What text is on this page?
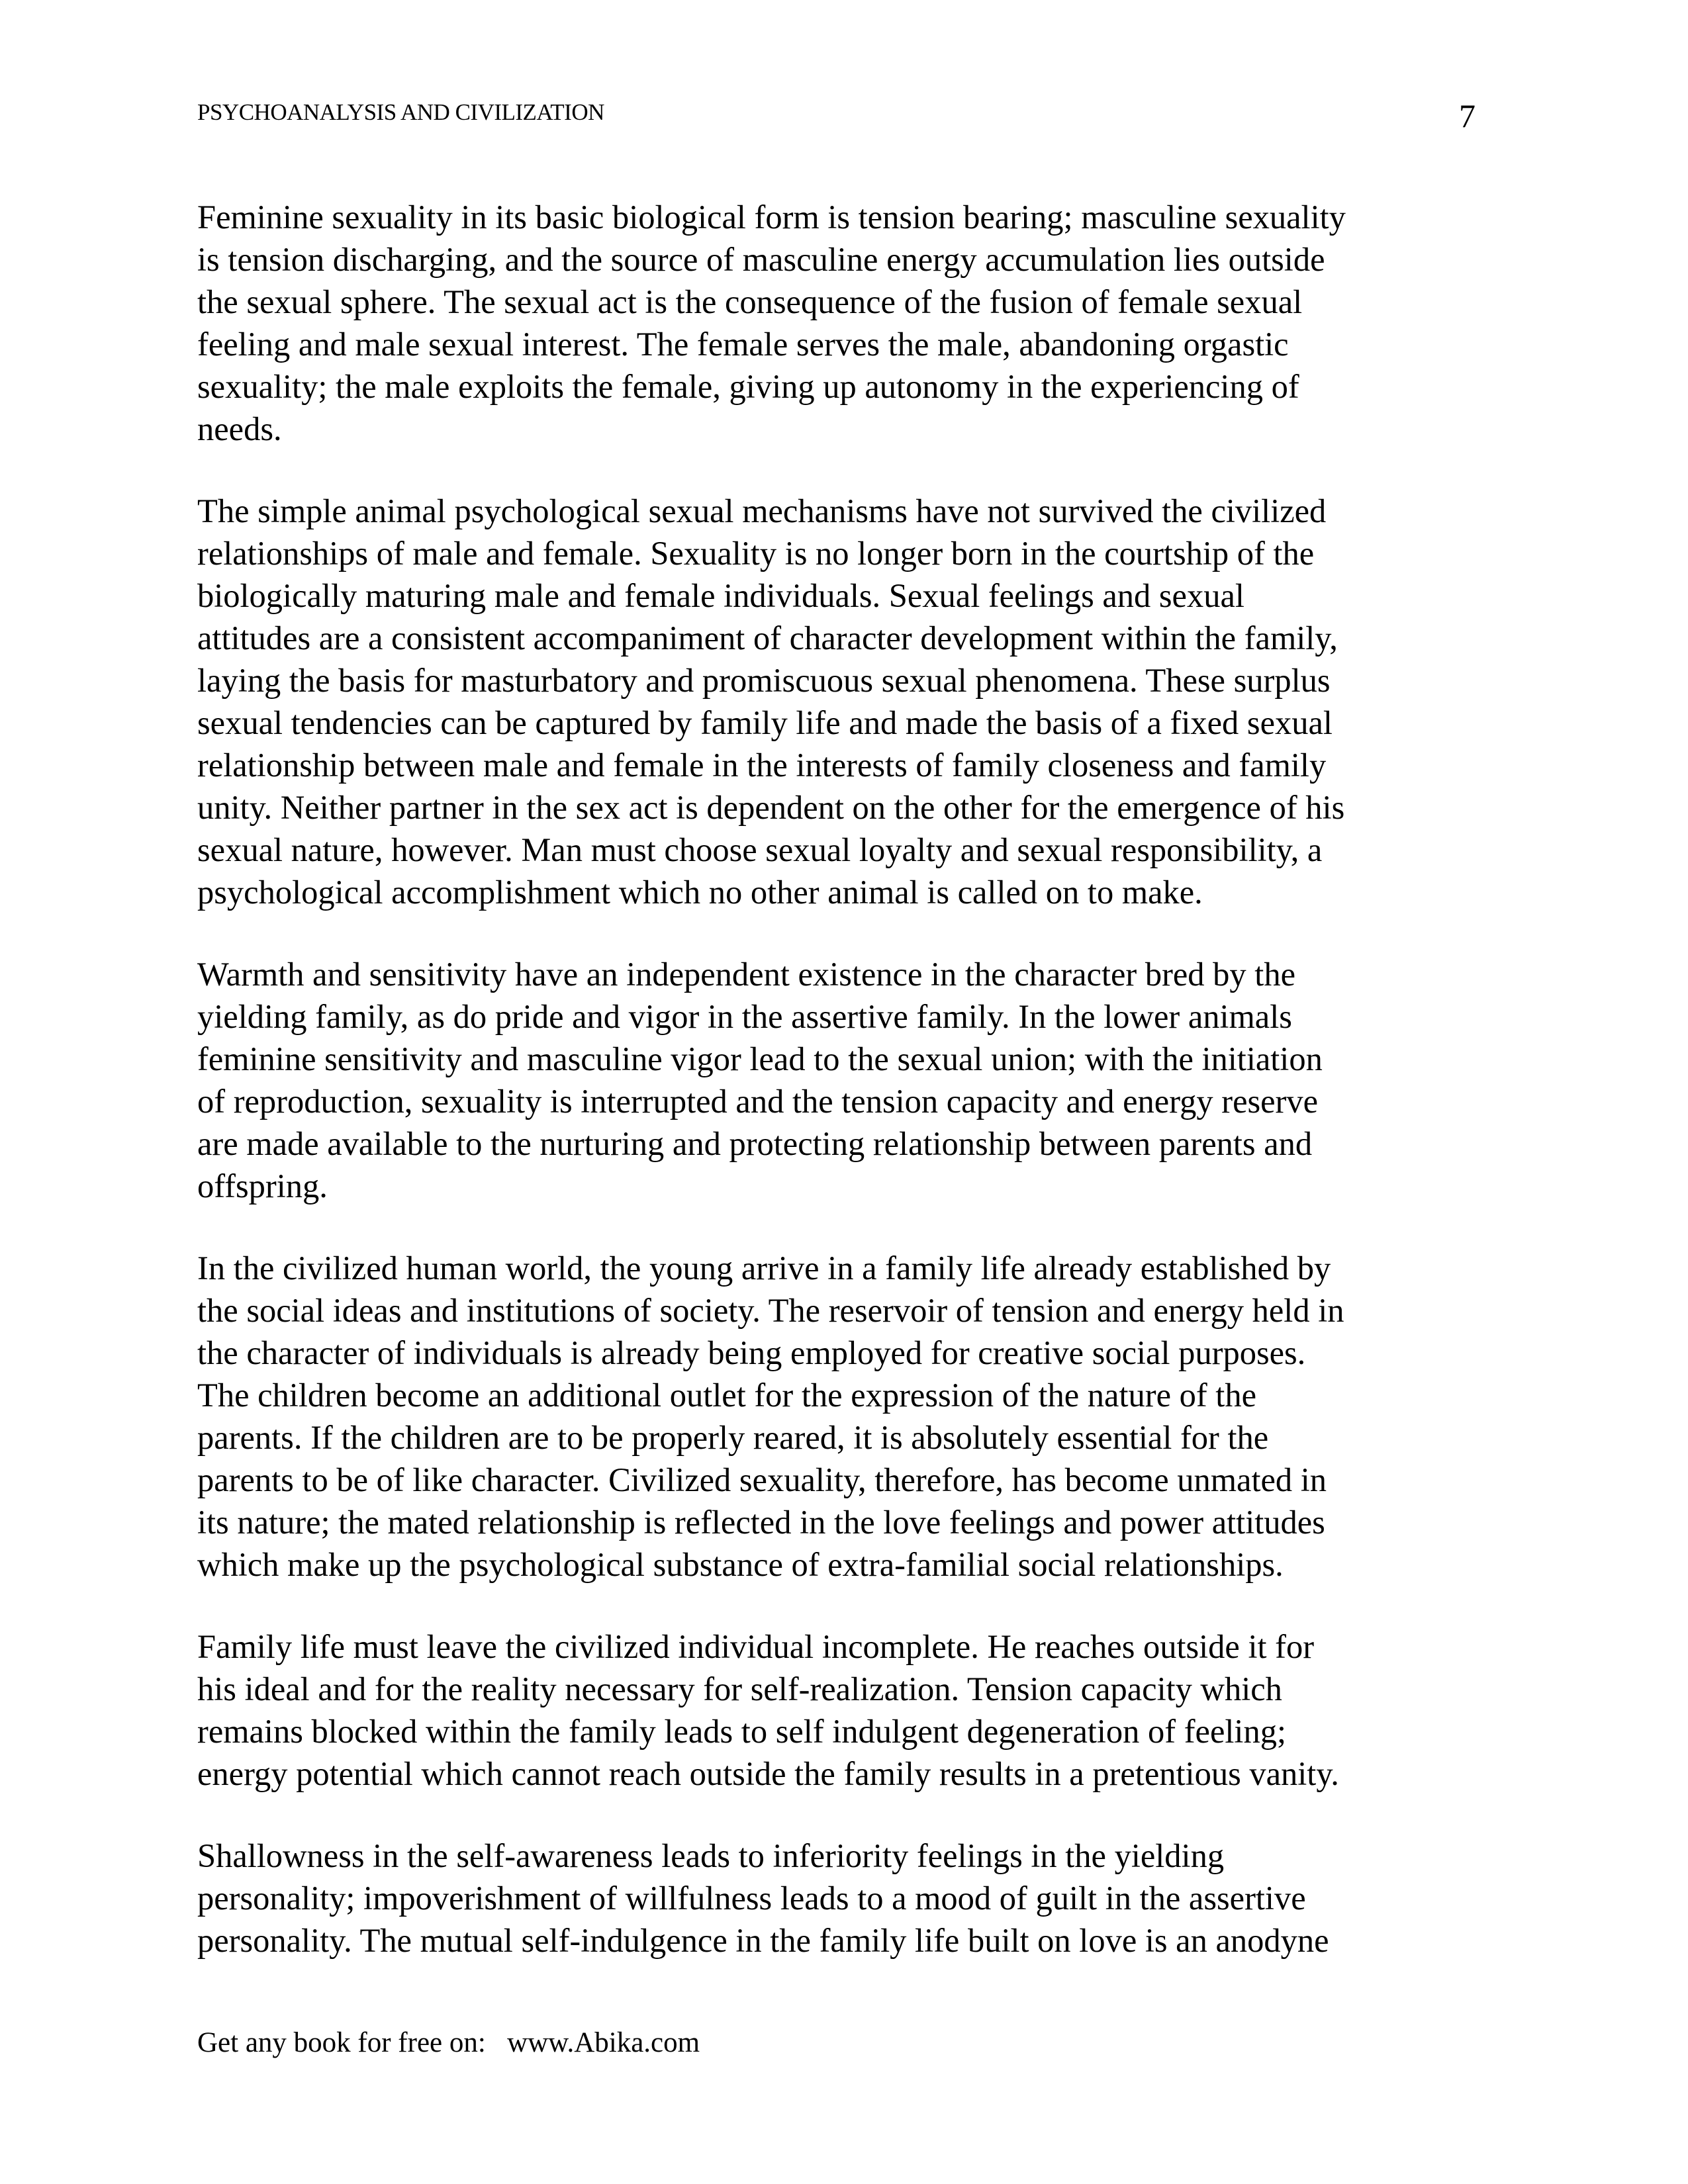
PSYCHOANALYSIS AND CIVILIZATION	7

Feminine sexuality in its basic biological form is tension bearing; masculine sexuality
is tension discharging, and the source of masculine energy accumulation lies outside
the sexual sphere. The sexual act is the consequence of the fusion of female sexual
feeling and male sexual interest. The female serves the male, abandoning orgastic
sexuality; the male exploits the female, giving up autonomy in the experiencing of
needs.

The simple animal psychological sexual mechanisms have not survived the civilized
relationships of male and female. Sexuality is no longer born in the courtship of the
biologically maturing male and female individuals. Sexual feelings and sexual
attitudes are a consistent accompaniment of character development within the family,
laying the basis for masturbatory and promiscuous sexual phenomena. These surplus
sexual tendencies can be captured by family life and made the basis of a fixed sexual
relationship between male and female in the interests of family closeness and family
unity. Neither partner in the sex act is dependent on the other for the emergence of his
sexual nature, however. Man must choose sexual loyalty and sexual responsibility, a
psychological accomplishment which no other animal is called on to make.

Warmth and sensitivity have an independent existence in the character bred by the
yielding family, as do pride and vigor in the assertive family. In the lower animals
feminine sensitivity and masculine vigor lead to the sexual union; with the initiation
of reproduction, sexuality is interrupted and the tension capacity and energy reserve
are made available to the nurturing and protecting relationship between parents and
offspring.

In the civilized human world, the young arrive in a family life already established by
the social ideas and institutions of society. The reservoir of tension and energy held in
the character of individuals is already being employed for creative social purposes.
The children become an additional outlet for the expression of the nature of the
parents. If the children are to be properly reared, it is absolutely essential for the
parents to be of like character. Civilized sexuality, therefore, has become unmated in
its nature; the mated relationship is reflected in the love feelings and power attitudes
which make up the psychological substance of extra-familial social relationships.

Family life must leave the civilized individual incomplete. He reaches outside it for
his ideal and for the reality necessary for self-realization. Tension capacity which
remains blocked within the family leads to self indulgent degeneration of feeling;
energy potential which cannot reach outside the family results in a pretentious vanity.

Shallowness in the self-awareness leads to inferiority feelings in the yielding
personality; impoverishment of willfulness leads to a mood of guilt in the assertive
personality. The mutual self-indulgence in the family life built on love is an anodyne

Get any book for free on: www.Abika.com
